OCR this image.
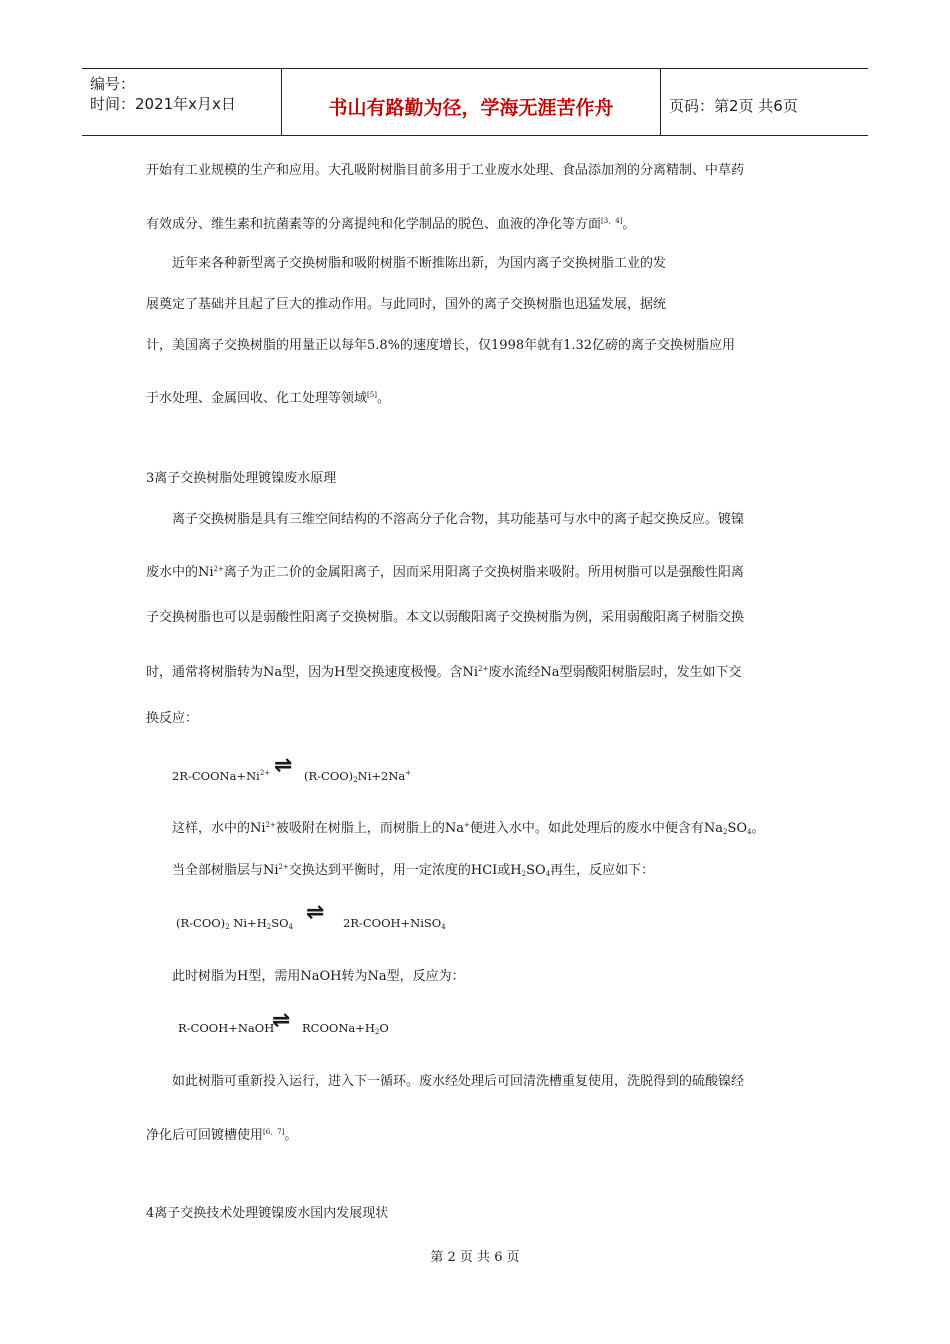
编号：
时间：2021年x月x日	书山有路勤为径，学海无涯苦作舟	页码：第2页 共6页
开始有工业规模的生产和应用。大孔吸附树脂目前多用于工业废水处理、食品添加剂的分离精制、中草药
有效成分、维生素和抗菌素等的分离提纯和化学制品的脱色、血液的净化等方面[3，4]。
近年来各种新型离子交换树脂和吸附树脂不断推陈出新，为国内离子交换树脂工业的发
展奠定了基础并且起了巨大的推动作用。与此同时，国外的离子交换树脂也迅猛发展，据统
计，美国离子交换树脂的用量正以每年5.8%的速度增长，仅1998年就有1.32亿磅的离子交换树脂应用
于水处理、金属回收、化工处理等领域[5]。
3离子交换树脂处理镀镍废水原理
离子交换树脂是具有三维空间结构的不溶高分子化合物，其功能基可与水中的离子起交换反应。镀镍
废水中的$Ni^{2+}$离子为正二价的金属阳离子，因而采用阳离子交换树脂来吸附。所用树脂可以是强酸性阳离
子交换树脂也可以是弱酸性阳离子交换树脂。本文以弱酸阳离子交换树脂为例，采用弱酸阳离子树脂交换
时，通常将树脂转为Na型，因为H型交换速度极慢。含$Ni^{2+}$废水流经Na型弱酸阳树脂层时，发生如下交
换反应：
$2R-COONa+Ni^{2+}$ ⇌ $(R-COO)_2Ni+2Na^+$
这样，水中的$Ni^{2+}$被吸附在树脂上，而树脂上的Na+便进入水中。如此处理后的废水中便含有$Na_2SO_4$。
当全部树脂层与$Ni^{2+}$交换达到平衡时，用一定浓度的HCI或$H_2SO_4$再生，反应如下：
$(R-COO)_2$ $Ni+H_2SO_4$
⇌ 2R-COOH+NiSO$_4$
此时树脂为H型，需用NaOH转为Na型，反应为：
R-COOH+NaOH
⇌ $RCOONa+H_2O$
如此树脂可重新投入运行，进入下一循环。废水经处理后可回清洗槽重复使用，洗脱得到的硫酸镍经
净化后可回镀槽使用[6，7]。
4离子交换技术处理镀镍废水国内发展现状
第 2 页 共 6 页
